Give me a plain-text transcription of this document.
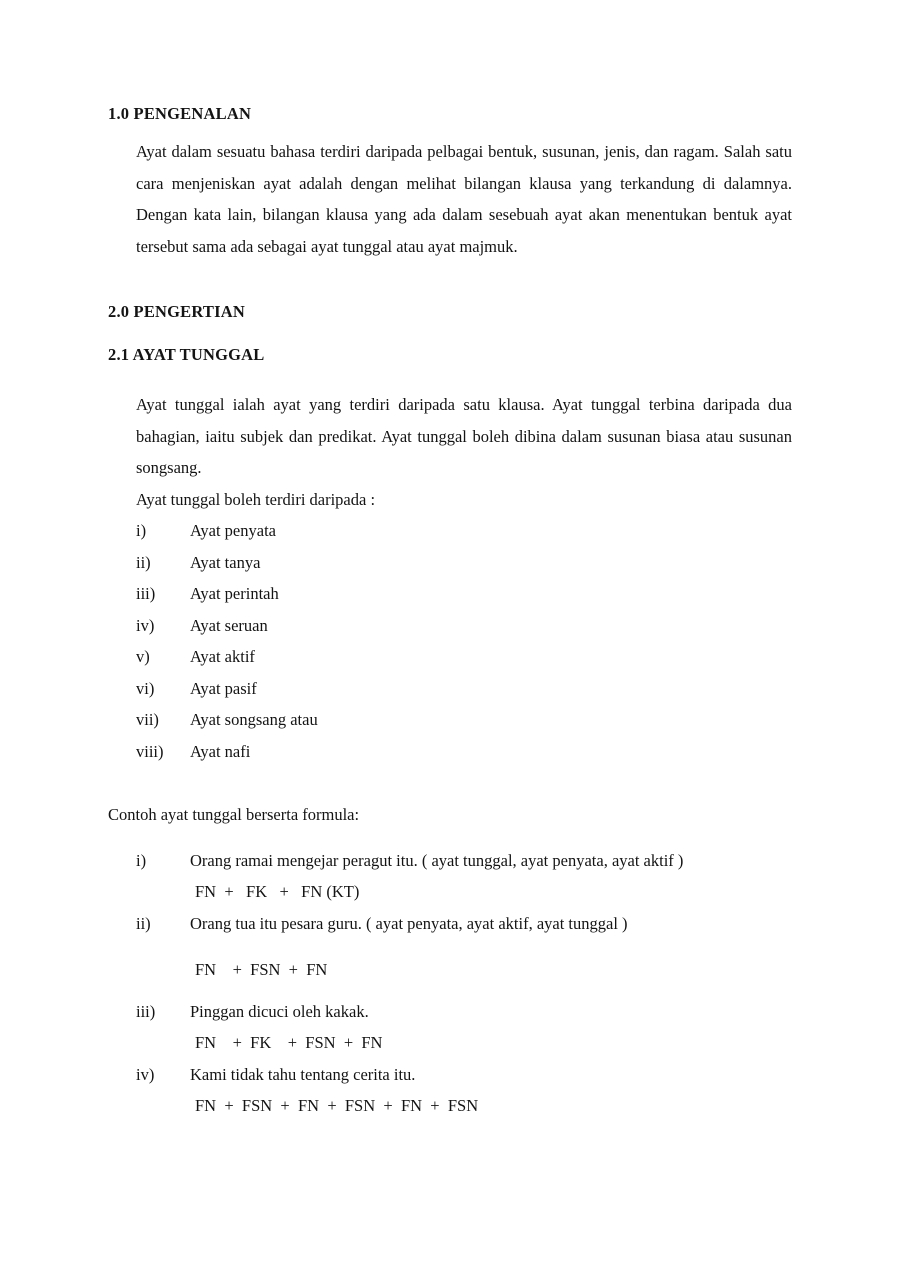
1.0 PENGENALAN
Ayat dalam sesuatu bahasa terdiri daripada pelbagai bentuk, susunan, jenis, dan ragam. Salah satu cara menjeniskan ayat adalah dengan melihat bilangan klausa yang terkandung di dalamnya. Dengan kata lain, bilangan klausa yang ada dalam sesebuah ayat akan menentukan bentuk ayat tersebut sama ada sebagai ayat tunggal atau ayat majmuk.
2.0 PENGERTIAN
2.1 AYAT TUNGGAL
Ayat tunggal ialah ayat yang terdiri daripada satu klausa. Ayat tunggal terbina daripada dua bahagian, iaitu subjek dan predikat. Ayat tunggal boleh dibina dalam susunan biasa atau susunan songsang.
Ayat tunggal boleh terdiri daripada :
i)	Ayat penyata
ii)	Ayat tanya
iii)	Ayat perintah
iv)	Ayat seruan
v)	Ayat aktif
vi)	Ayat pasif
vii)	Ayat songsang atau
viii)	Ayat nafi
Contoh ayat tunggal berserta formula:
i)	Orang ramai mengejar peragut itu. ( ayat tunggal, ayat penyata, ayat aktif )
FN  +   FK   +   FN (KT)
ii)	Orang tua itu pesara guru. ( ayat penyata, ayat aktif, ayat tunggal )
FN    +  FSN  +  FN
iii)	Pinggan dicuci oleh kakak.
FN    +  FK    +  FSN  +  FN
iv)	Kami tidak tahu tentang cerita itu.
FN  +  FSN  +  FN  +  FSN  +  FN  +  FSN
